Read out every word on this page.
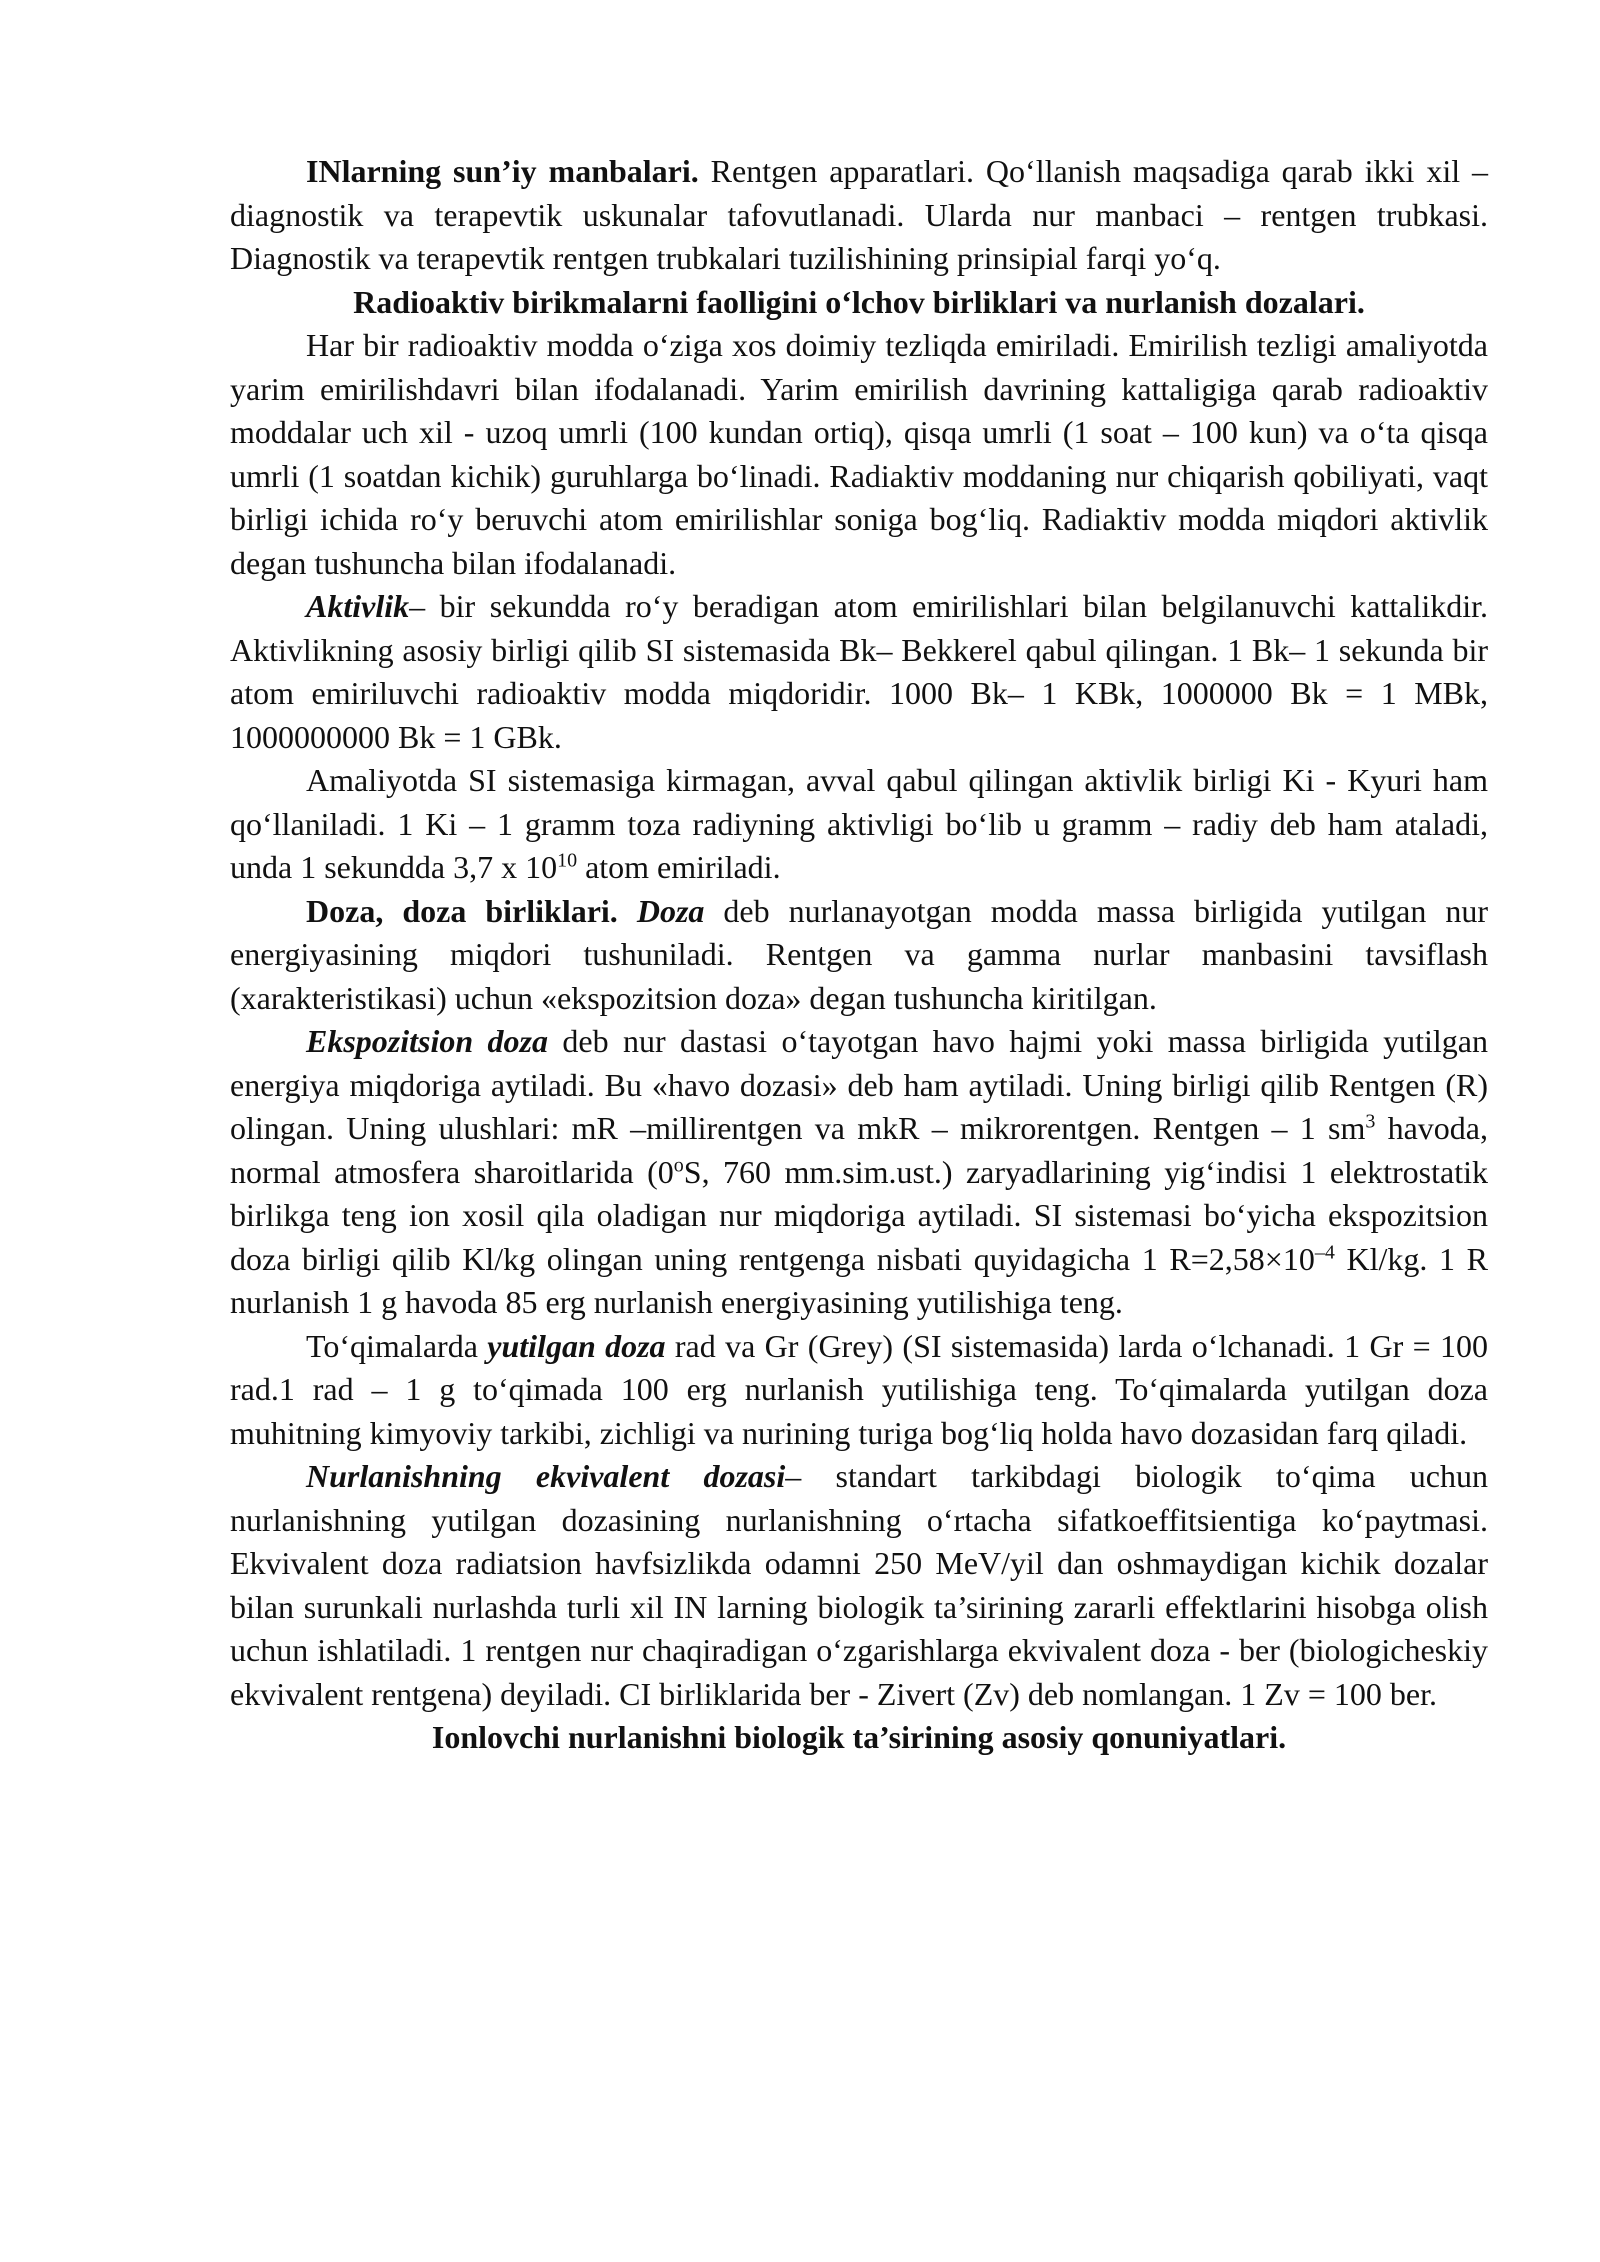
INlarning sun’iy manbalari. Rentgen apparatlari. Qo‘llanish maqsadiga qarab ikki xil – diagnostik va terapevtik uskunalar tafovutlanadi. Ularda nur manbaci – rentgen trubkasi. Diagnostik va terapevtik rentgen trubkalari tuzilishining prinsipial farqi yo‘q.

Radioaktiv birikmalarni faolligini o‘lchov birliklari va nurlanish dozalari.

Har bir radioaktiv modda o‘ziga xos doimiy tezliqda emiriladi. Emirilish tezligi amaliyotda yarim emirilishdavri bilan ifodalanadi. Yarim emirilish davrining kattaligiga qarab radioaktiv moddalar uch xil - uzoq umrli (100 kundan ortiq), qisqa umrli (1 soat – 100 kun) va o‘ta qisqa umrli (1 soatdan kichik) guruhlarga bo‘linadi. Radiaktiv moddaning nur chiqarish qobiliyati, vaqt birligi ichida ro‘y beruvchi atom emirilishlar soniga bog‘liq. Radiaktiv modda miqdori aktivlik degan tushuncha bilan ifodalanadi.

Aktivlik– bir sekundda ro‘y beradigan atom emirilishlari bilan belgilanuvchi kattalikdir. Aktivlikning asosiy birligi qilib SI sistemasida Bk– Bekkerel qabul qilingan. 1 Bk– 1 sekunda bir atom emiriluvchi radioaktiv modda miqdoridir. 1000 Bk– 1 KBk, 1000000 Bk = 1 MBk, 1000000000 Bk = 1 GBk.

Amaliyotda SI sistemasiga kirmagan, avval qabul qilingan aktivlik birligi Ki - Kyuri ham qo‘llaniladi. 1 Ki – 1 gramm toza radiyning aktivligi bo‘lib u gramm – radiy deb ham ataladi, unda 1 sekundda 3,7 x $10^{10}$ atom emiriladi.

Doza, doza birliklari. Doza deb nurlanayotgan modda massa birligida yutilgan nur energiyasining miqdori tushuniladi. Rentgen va gamma nurlar manbasini tavsiflash (xarakteristikasi) uchun «ekspozitsion doza» degan tushuncha kiritilgan.

Ekspozitsion doza deb nur dastasi o‘tayotgan havo hajmi yoki massa birligida yutilgan energiya miqdoriga aytiladi. Bu «havo dozasi» deb ham aytiladi. Uning birligi qilib Rentgen (R) olingan. Uning ulushlari: mR –millirentgen va mkR – mikrorentgen. Rentgen – 1 $sm^3$ havoda, normal atmosfera sharoitlarida (0$^o$S, 760 mm.sim.ust.) zaryadlarining yig‘indisi 1 elektrostatik birlikga teng ion xosil qila oladigan nur miqdoriga aytiladi. SI sistemasi bo‘yicha ekspozitsion doza birligi qilib Kl/kg olingan uning rentgenga nisbati quyidagicha 1 $R=2,58\times 10^{-4}$ Kl/kg. 1 R nurlanish 1 g havoda 85 erg nurlanish energiyasining yutilishiga teng.

To‘qimalarda yutilgan doza rad va Gr (Grey) (SI sistemasida) larda o‘lchanadi. 1 Gr = 100 rad.1 rad – 1 g to‘qimada 100 erg nurlanish yutilishiga teng. To‘qimalarda yutilgan doza muhitning kimyoviy tarkibi, zichligi va nurining turiga bog‘liq holda havo dozasidan farq qiladi.

Nurlanishning ekvivalent dozasi– standart tarkibdagi biologik to‘qima uchun nurlanishning yutilgan dozasining nurlanishning o‘rtacha sifatkoeffitsientiga ko‘paytmasi. Ekvivalent doza radiatsion havfsizlikda odamni 250 MeV/yil dan oshmaydigan kichik dozalar bilan surunkali nurlashda turli xil IN larning biologik ta’sirining zararli effektlarini hisobga olish uchun ishlatiladi. 1 rentgen nur chaqiradigan o‘zgarishlarga ekvivalent doza - ber (biologicheskiy ekvivalent rentgena) deyiladi. CI birliklarida ber - Zivert (Zv) deb nomlangan. 1 Zv = 100 ber.

Ionlovchi nurlanishni biologik ta’sirining asosiy qonuniyatlari.
